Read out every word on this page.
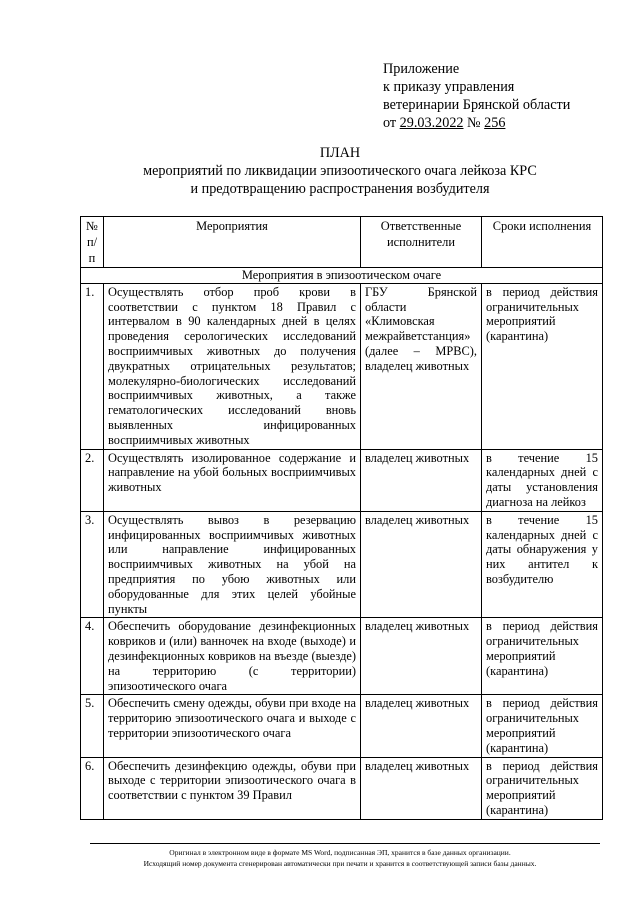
Приложение
к приказу управления
ветеринарии Брянской области
от 29.03.2022 № 256
ПЛАН
мероприятий по ликвидации эпизоотического очага лейкоза КРС
и предотвращению распространения возбудителя
№ п/п	Мероприятия	Ответственные исполнители	Сроки исполнения
Мероприятия в эпизоотическом очаге			
1.	Осуществлять отбор проб крови в соответствии с пунктом 18 Правил с интервалом в 90 календарных дней в целях проведения серологических исследований восприимчивых животных до получения двукратных отрицательных результатов; молекулярно-биологических исследований восприимчивых животных, а также гематологических исследований вновь выявленных инфицированных восприимчивых животных	ГБУ Брянской области «Климовская межрайветстанция» (далее – МРВС), владелец животных	в период действия ограничительных мероприятий (карантина)
2.	Осуществлять изолированное содержание и направление на убой больных восприимчивых животных	владелец животных	в течение 15 календарных дней с даты установления диагноза на лейкоз
3.	Осуществлять вывоз в резервацию инфицированных восприимчивых животных или направление инфицированных восприимчивых животных на убой на предприятия по убою животных или оборудованные для этих целей убойные пункты	владелец животных	в течение 15 календарных дней с даты обнаружения у них антител к возбудителю
4.	Обеспечить оборудование дезинфекционных ковриков и (или) ванночек на входе (выходе) и дезинфекционных ковриков на въезде (выезде) на территорию (с территории) эпизоотического очага	владелец животных	в период действия ограничительных мероприятий (карантина)
5.	Обеспечить смену одежды, обуви при входе на территорию эпизоотического очага и выходе с территории эпизоотического очага	владелец животных	в период действия ограничительных мероприятий (карантина)
6.	Обеспечить дезинфекцию одежды, обуви при выходе с территории эпизоотического очага в соответствии с пунктом 39 Правил	владелец животных	в период действия ограничительных мероприятий (карантина)
Оригинал в электронном виде в формате MS Word, подписанная ЭП, хранится в базе данных организации.
Исходящий номер документа сгенерирован автоматически при печати и хранится в соответствующей записи базы данных.
